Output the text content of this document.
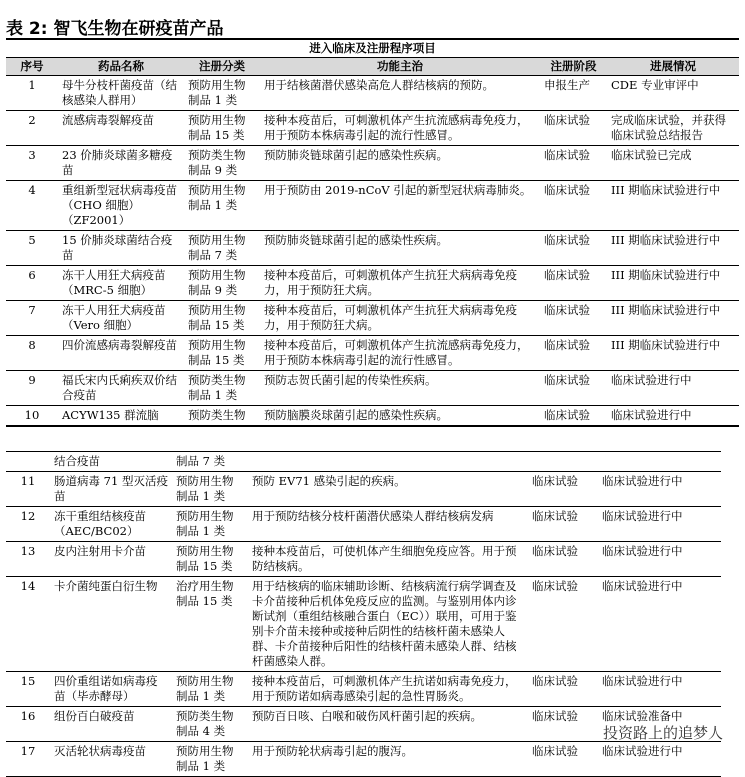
表 2: 智飞生物在研疫苗产品
进入临床及注册程序项目					
序号	药品名称	注册分类	功能主治	注册阶段	进展情况
1	母牛分枝杆菌疫苗（结核感染人群用）	预防用生物制品 1 类	用于结核菌潜伏感染高危人群结核病的预防。	申报生产	CDE 专业审评中
2	流感病毒裂解疫苗	预防用生物制品 15 类	接种本疫苗后，可刺激机体产生抗流感病毒免疫力，用于预防本株病毒引起的流行性感冒。	临床试验	完成临床试验，并获得临床试验总结报告
3	23 价肺炎球菌多糖疫苗	预防类生物制品 9 类	预防肺炎链球菌引起的感染性疾病。	临床试验	临床试验已完成
4	重组新型冠状病毒疫苗（CHO 细胞）（ZF2001）	预防用生物制品 1 类	用于预防由 2019-nCoV 引起的新型冠状病毒肺炎。	临床试验	III 期临床试验进行中
5	15 价肺炎球菌结合疫苗	预防用生物制品 7 类	预防肺炎链球菌引起的感染性疾病。	临床试验	III 期临床试验进行中
6	冻干人用狂犬病疫苗（MRC-5 细胞）	预防用生物制品 9 类	接种本疫苗后，可刺激机体产生抗狂犬病病毒免疫力，用于预防狂犬病。	临床试验	III 期临床试验进行中
7	冻干人用狂犬病疫苗（Vero 细胞）	预防用生物制品 15 类	接种本疫苗后，可刺激机体产生抗狂犬病病毒免疫力，用于预防狂犬病。	临床试验	III 期临床试验进行中
8	四价流感病毒裂解疫苗	预防用生物制品 15 类	接种本疫苗后，可刺激机体产生抗流感病毒免疫力，用于预防本株病毒引起的流行性感冒。	临床试验	III 期临床试验进行中
9	福氏宋内氏痢疾双价结合疫苗	预防类生物制品 1 类	预防志贺氏菌引起的传染性疾病。	临床试验	临床试验进行中
10	ACYW135 群流脑	预防类生物	预防脑膜炎球菌引起的感染性疾病。	临床试验	临床试验进行中
	结合疫苗	制品 7 类			
11	肠道病毒 71 型灭活疫苗	预防用生物制品 1 类	预防 EV71 感染引起的疾病。	临床试验	临床试验进行中
12	冻干重组结核疫苗（AEC/BC02）	预防用生物制品 1 类	用于预防结核分枝杆菌潜伏感染人群结核病发病	临床试验	临床试验进行中
13	皮内注射用卡介苗	预防用生物制品 15 类	接种本疫苗后，可使机体产生细胞免疫应答。用于预防结核病。	临床试验	临床试验进行中
14	卡介菌纯蛋白衍生物	治疗用生物制品 15 类	用于结核病的临床辅助诊断、结核病流行病学调查及卡介苗接种后机体免疫反应的监测。与鉴别用体内诊断试剂（重组结核融合蛋白（EC））联用，可用于鉴别卡介苗未接种或接种后阴性的结核杆菌未感染人群、卡介苗接种后阳性的结核杆菌未感染人群、结核杆菌感染人群。	临床试验	临床试验进行中
15	四价重组诺如病毒疫苗（毕赤酵母）	预防用生物制品 1 类	接种本疫苗后，可刺激机体产生抗诺如病毒免疫力，用于预防诺如病毒感染引起的急性胃肠炎。	临床试验	临床试验进行中
16	组份百白破疫苗	预防类生物制品 4 类	预防百日咳、白喉和破伤风杆菌引起的疾病。	临床试验	临床试验准备中
17	灭活轮状病毒疫苗	预防用生物制品 1 类	用于预防轮状病毒引起的腹泻。	临床试验	临床试验进行中
投资路上的追梦人
